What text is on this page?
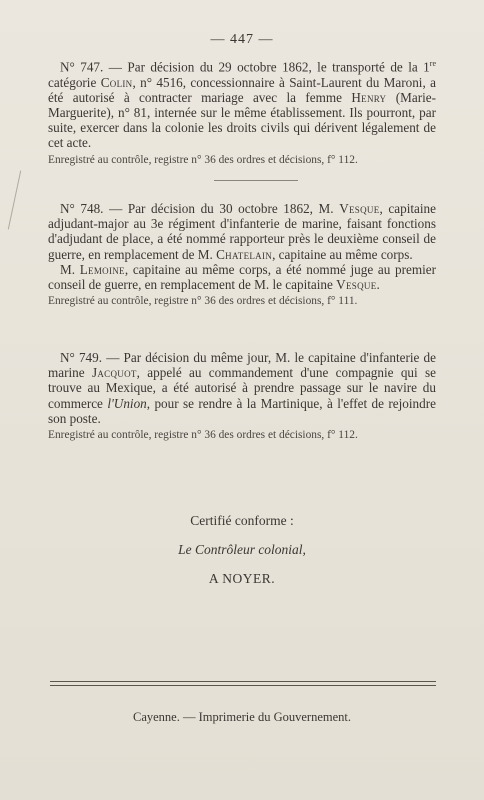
— 447 —

N° 747. — Par décision du 29 octobre 1862, le transporté de la 1re catégorie Colin, n° 4516, concessionnaire à Saint-Laurent du Maroni, a été autorisé à contracter mariage avec la femme Henry (Marie-Marguerite), n° 81, internée sur le même établissement. Ils pourront, par suite, exercer dans la colonie les droits civils qui dérivent légalement de cet acte.

Enregistré au contrôle, registre n° 36 des ordres et décisions, f° 112.

N° 748. — Par décision du 30 octobre 1862, M. Vesque, capitaine adjudant-major au 3e régiment d'infanterie de marine, faisant fonctions d'adjudant de place, a été nommé rapporteur près le deuxième conseil de guerre, en remplacement de M. Chatelain, capitaine au même corps.

M. Lemoine, capitaine au même corps, a été nommé juge au premier conseil de guerre, en remplacement de M. le capitaine Vesque.

Enregistré au contrôle, registre n° 36 des ordres et décisions, f° 111.

N° 749. — Par décision du même jour, M. le capitaine d'infanterie de marine Jacquot, appelé au commandement d'une compagnie qui se trouve au Mexique, a été autorisé à prendre passage sur le navire du commerce l'Union, pour se rendre à la Martinique, à l'effet de rejoindre son poste.

Enregistré au contrôle, registre n° 36 des ordres et décisions, f° 112.

Certifié conforme :
Le Contrôleur colonial,
A NOYER.
Cayenne. — Imprimerie du Gouvernement.
